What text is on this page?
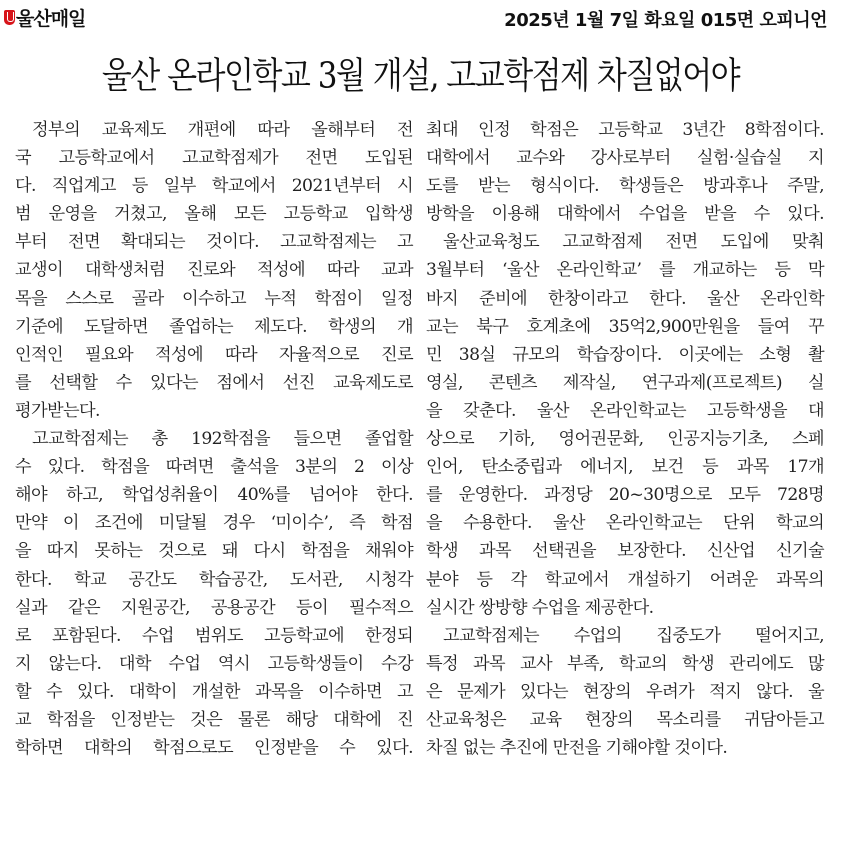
울산매일	2025년 1월 7일 화요일 015면 오피니언
울산 온라인학교 3월 개설, 고교학점제 차질없어야
정부의 교육제도 개편에 따라 올해부터 전
국 고등학교에서 고교학점제가 전면 도입된
다. 직업계고 등 일부 학교에서 2021년부터 시
범 운영을 거쳤고, 올해 모든 고등학교 입학생
부터 전면 확대되는 것이다. 고교학점제는 고
교생이 대학생처럼 진로와 적성에 따라 교과
목을 스스로 골라 이수하고 누적 학점이 일정
기준에 도달하면 졸업하는 제도다. 학생의 개
인적인 필요와 적성에 따라 자율적으로 진로
를 선택할 수 있다는 점에서 선진 교육제도로
평가받는다.
고교학점제는 총 192학점을 들으면 졸업할
수 있다. 학점을 따려면 출석을 3분의 2 이상
해야 하고, 학업성취율이 40%를 넘어야 한다.
만약 이 조건에 미달될 경우 ‘미이수’, 즉 학점
을 따지 못하는 것으로 돼 다시 학점을 채워야
한다. 학교 공간도 학습공간, 도서관, 시청각
실과 같은 지원공간, 공용공간 등이 필수적으
로 포함된다. 수업 범위도 고등학교에 한정되
지 않는다. 대학 수업 역시 고등학생들이 수강
할 수 있다. 대학이 개설한 과목을 이수하면 고
교 학점을 인정받는 것은 물론 해당 대학에 진
학하면 대학의 학점으로도 인정받을 수 있다.
최대 인정 학점은 고등학교 3년간 8학점이다.
대학에서 교수와 강사로부터 실험·실습실 지
도를 받는 형식이다. 학생들은 방과후나 주말,
방학을 이용해 대학에서 수업을 받을 수 있다.
울산교육청도 고교학점제 전면 도입에 맞춰
3월부터 ‘울산 온라인학교’ 를 개교하는 등 막
바지 준비에 한창이라고 한다. 울산 온라인학
교는 북구 호계초에 35억2,900만원을 들여 꾸
민 38실 규모의 학습장이다. 이곳에는 소형 촬
영실, 콘텐츠 제작실, 연구과제(프로젝트) 실
을 갖춘다. 울산 온라인학교는 고등학생을 대
상으로 기하, 영어권문화, 인공지능기초, 스페
인어, 탄소중립과 에너지, 보건 등 과목 17개
를 운영한다. 과정당 20~30명으로 모두 728명
을 수용한다. 울산 온라인학교는 단위 학교의
학생 과목 선택권을 보장한다. 신산업 신기술
분야 등 각 학교에서 개설하기 어려운 과목의
실시간 쌍방향 수업을 제공한다.
고교학점제는 수업의 집중도가 떨어지고,
특정 과목 교사 부족, 학교의 학생 관리에도 많
은 문제가 있다는 현장의 우려가 적지 않다. 울
산교육청은 교육 현장의 목소리를 귀담아듣고
차질 없는 추진에 만전을 기해야할 것이다.
